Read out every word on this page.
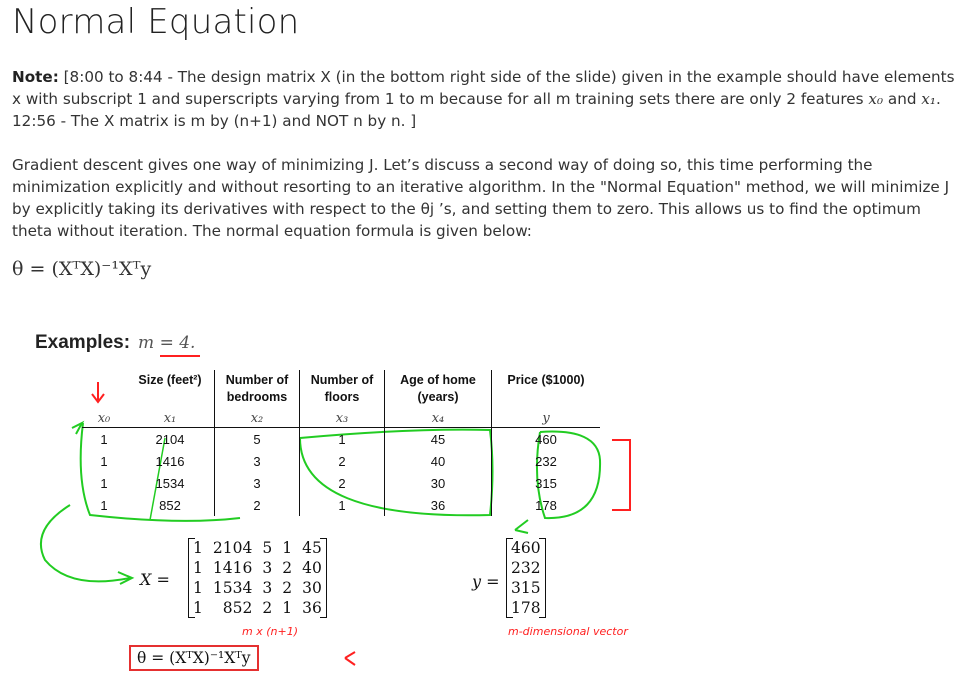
Normal Equation
Note: [8:00 to 8:44 - The design matrix X (in the bottom right side of the slide) given in the example should have elements x with subscript 1 and superscripts varying from 1 to m because for all m training sets there are only 2 features x₀ and x₁. 12:56 - The X matrix is m by (n+1) and NOT n by n. ]
Gradient descent gives one way of minimizing J. Let’s discuss a second way of doing so, this time performing the minimization explicitly and without resorting to an iterative algorithm. In the "Normal Equation" method, we will minimize J by explicitly taking its derivatives with respect to the θj ’s, and setting them to zero. This allows us to find the optimum theta without iteration. The normal equation formula is given below:
θ = (XᵀX)⁻¹Xᵀy
Examples: m = 4.
	Size (feet²)	Number of bedrooms	Number of floors	Age of home (years)	Price ($1000)
x₀	x₁	x₂	x₃	x₄	y
1	2104	5	1	45	460
1	1416	3	2	40	232
1	1534	3	2	30	315
1	852	2	1	36	178
X =
1	2104	5	1	45
1	1416	3	2	40
1	1534	3	2	30
1	852	2	1	36
m x (n+1)
y =
460
232
315
178
m-dimensional vector
θ = (XᵀX)⁻¹Xᵀy
